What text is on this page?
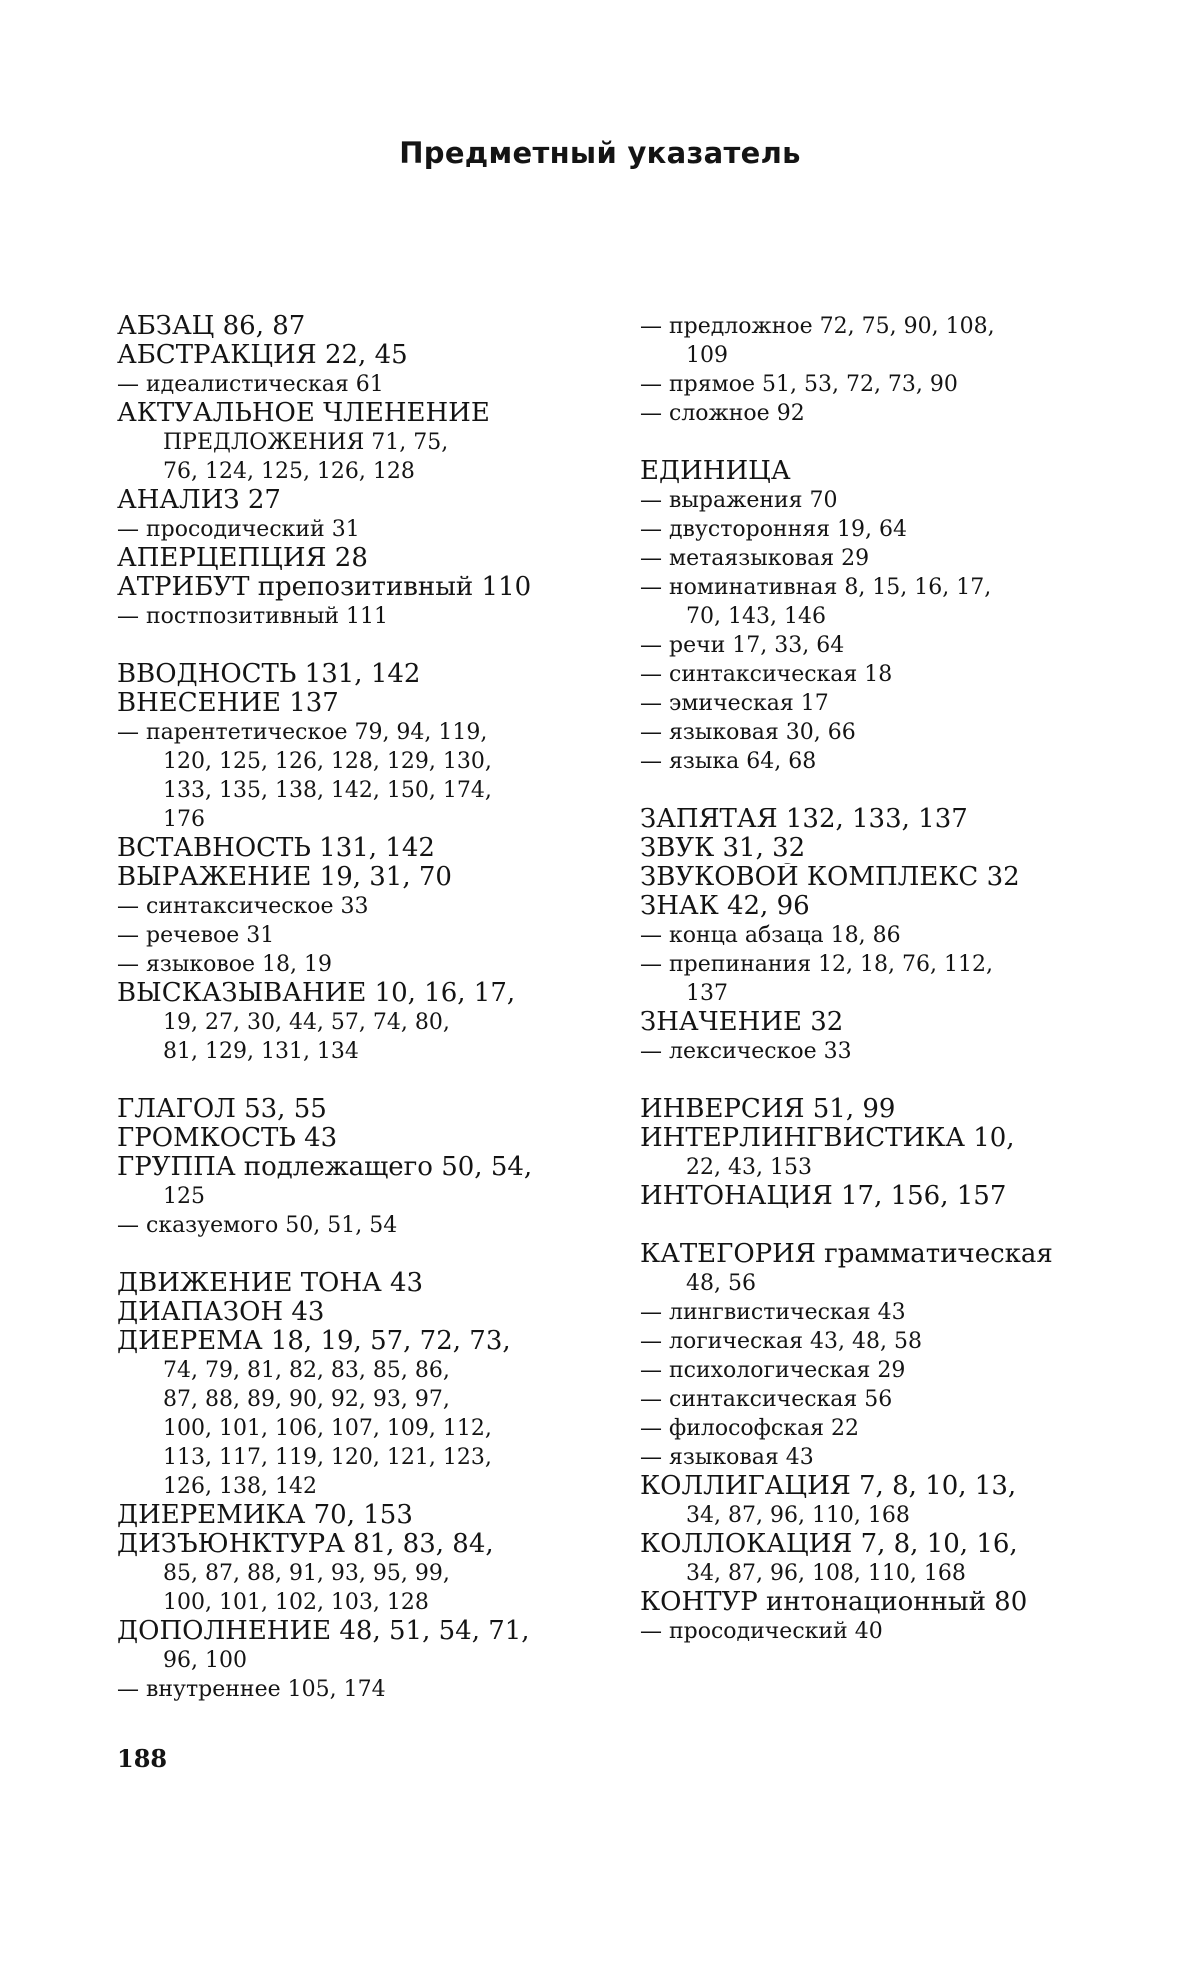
Предметный указатель
АБЗАЦ 86, 87
АБСТРАКЦИЯ 22, 45
— идеалистическая 61
АКТУАЛЬНОЕ ЧЛЕНЕНИЕ
ПРЕДЛОЖЕНИЯ 71, 75,
76, 124, 125, 126, 128
АНАЛИЗ 27
— просодический 31
АПЕРЦЕПЦИЯ 28
АТРИБУТ препозитивный 110
— постпозитивный 111
ВВОДНОСТЬ 131, 142
ВНЕСЕНИЕ 137
— парентетическое 79, 94, 119,
120, 125, 126, 128, 129, 130,
133, 135, 138, 142, 150, 174,
176
ВСТАВНОСТЬ 131, 142
ВЫРАЖЕНИЕ 19, 31, 70
— синтаксическое 33
— речевое 31
— языковое 18, 19
ВЫСКАЗЫВАНИЕ 10, 16, 17,
19, 27, 30, 44, 57, 74, 80,
81, 129, 131, 134
ГЛАГОЛ 53, 55
ГРОМКОСТЬ 43
ГРУППА подлежащего 50, 54,
125
— сказуемого 50, 51, 54
ДВИЖЕНИЕ ТОНА 43
ДИАПАЗОН 43
ДИЕРЕМА 18, 19, 57, 72, 73,
74, 79, 81, 82, 83, 85, 86,
87, 88, 89, 90, 92, 93, 97,
100, 101, 106, 107, 109, 112,
113, 117, 119, 120, 121, 123,
126, 138, 142
ДИЕРЕМИКА 70, 153
ДИЗЪЮНКТУРА 81, 83, 84,
85, 87, 88, 91, 93, 95, 99,
100, 101, 102, 103, 128
ДОПОЛНЕНИЕ 48, 51, 54, 71,
96, 100
— внутреннее 105, 174
— предложное 72, 75, 90, 108,
109
— прямое 51, 53, 72, 73, 90
— сложное 92
ЕДИНИЦА
— выражения 70
— двусторонняя 19, 64
— метаязыковая 29
— номинативная 8, 15, 16, 17,
70, 143, 146
— речи 17, 33, 64
— синтаксическая 18
— эмическая 17
— языковая 30, 66
— языка 64, 68
ЗАПЯТАЯ 132, 133, 137
ЗВУК 31, 32
ЗВУКОВОЙ КОМПЛЕКС 32
ЗНАК 42, 96
— конца абзаца 18, 86
— препинания 12, 18, 76, 112,
137
ЗНАЧЕНИЕ 32
— лексическое 33
ИНВЕРСИЯ 51, 99
ИНТЕРЛИНГВИСТИКА 10,
22, 43, 153
ИНТОНАЦИЯ 17, 156, 157
КАТЕГОРИЯ грамматическая
48, 56
— лингвистическая 43
— логическая 43, 48, 58
— психологическая 29
— синтаксическая 56
— философская 22
— языковая 43
КОЛЛИГАЦИЯ 7, 8, 10, 13,
34, 87, 96, 110, 168
КОЛЛОКАЦИЯ 7, 8, 10, 16,
34, 87, 96, 108, 110, 168
КОНТУР интонационный 80
— просодический 40
188
